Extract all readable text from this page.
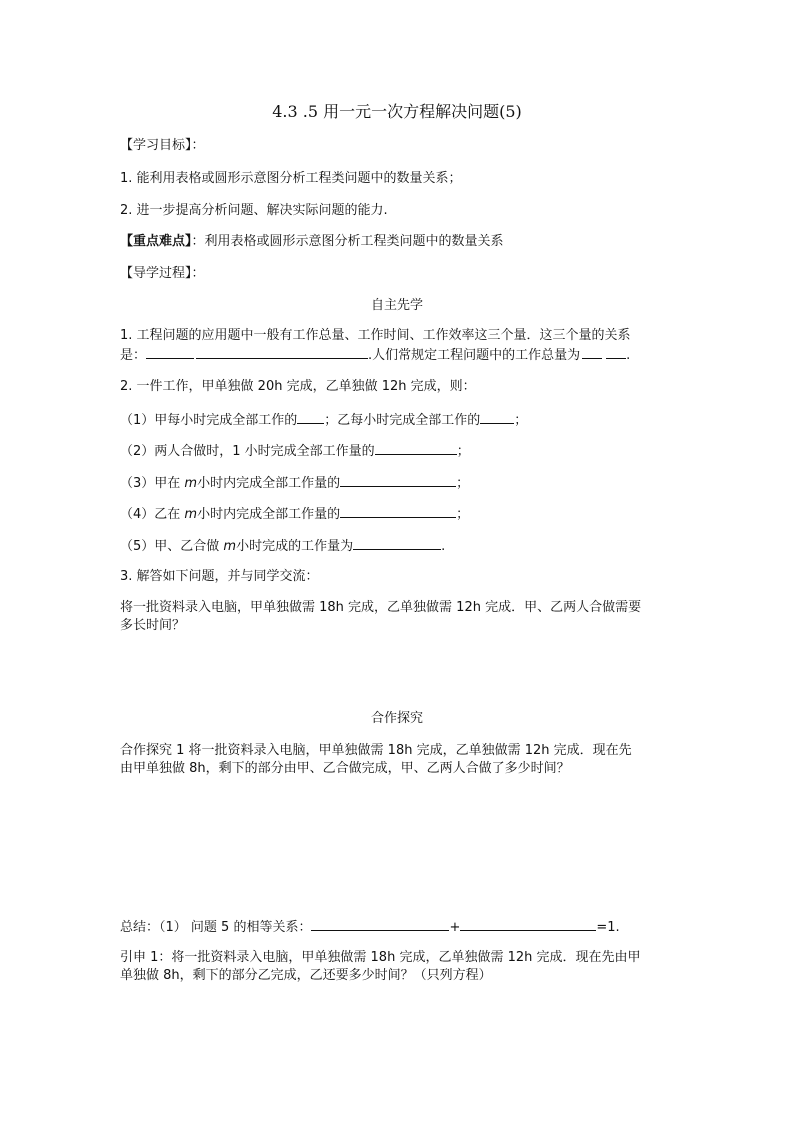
4.3 .5 用一元一次方程解决问题(5)
【学习目标】：
1. 能利用表格或圆形示意图分析工程类问题中的数量关系；
2. 进一步提高分析问题、解决实际问题的能力.
【重点难点】：利用表格或圆形示意图分析工程类问题中的数量关系
【导学过程】：
自主先学
1. 工程问题的应用题中一般有工作总量、工作时间、工作效率这三个量．这三个量的关系
是：	.人们常规定工程问题中的工作总量为	.
2. 一件工作，甲单独做 20h 完成，乙单独做 12h 完成，则：
（1）甲每小时完成全部工作的 ；乙每小时完成全部工作的	；
（2）两人合做时，1 小时完成全部工作量的	；
（3）甲在 m小时内完成全部工作量的	；
（4）乙在 m小时内完成全部工作量的	；
（5）甲、乙合做 m小时完成的工作量为	.
3. 解答如下问题，并与同学交流：
将一批资料录入电脑，甲单独做需 18h 完成，乙单独做需 12h 完成．甲、乙两人合做需要
多长时间？
合作探究
合作探究 1 将一批资料录入电脑，甲单独做需 18h 完成，乙单独做需 12h 完成．现在先
由甲单独做 8h，剩下的部分由甲、乙合做完成，甲、乙两人合做了多少时间？
总结：（1） 问题 5 的相等关系：	+	=1.
引申 1：将一批资料录入电脑，甲单独做需 18h 完成，乙单独做需 12h 完成．现在先由甲
单独做 8h，剩下的部分乙完成，乙还要多少时间？（只列方程）
